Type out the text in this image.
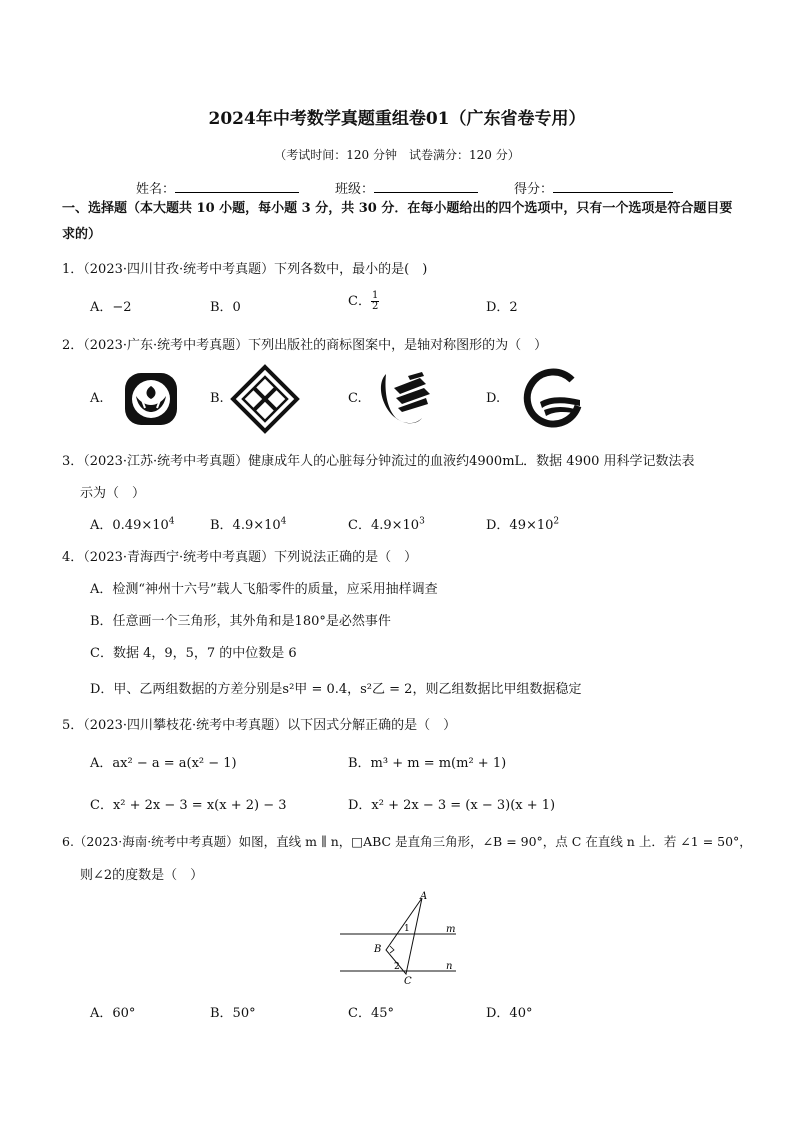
2024年中考数学真题重组卷01（广东省卷专用）
（考试时间：120 分钟　试卷满分：120 分）
姓名：	班级：	得分：
一、选择题（本大题共 10 小题，每小题 3 分，共 30 分．在每小题给出的四个选项中，只有一个选项是符合题目要求的）
1．（2023·四川甘孜·统考中考真题）下列各数中，最小的是(　)
A．−2	B．0	C． $\frac{1}{2}$	D．2
2．（2023·广东·统考中考真题）下列出版社的商标图案中，是轴对称图形的为（　）
A.	B.	C.	D.
3．（2023·江苏·统考中考真题）健康成年人的心脏每分钟流过的血液约4900mL．数据 4900 用科学记数法表
示为（　）
A．$0.49\times 10^4$	B．$4.9\times 10^4$	C．$4.9\times 10^3$	D．$49\times 10^2$
4．（2023·青海西宁·统考中考真题）下列说法正确的是（　）
A．检测“神州十六号”载人飞船零件的质量，应采用抽样调查
B．任意画一个三角形，其外角和是180°是必然事件
C．数据 4，9，5，7 的中位数是 6
D．甲、乙两组数据的方差分别是s²甲 = 0.4，s²乙 = 2，则乙组数据比甲组数据稳定
5．（2023·四川攀枝花·统考中考真题）以下因式分解正确的是（　）
A．ax² − a = a(x² − 1)	B．m³ + m = m(m² + 1)
C．x² + 2x − 3 = x(x + 2) − 3	D．x² + 2x − 3 = (x − 3)(x + 1)
6.（2023·海南·统考中考真题）如图，直线 m ∥ n，□ABC 是直角三角形，∠B = 90°，点 C 在直线 n 上．若 ∠1 = 50°，
则∠2的度数是（　）
A
B
C
m
n
1
2
A．60°	B．50°	C．45°	D．40°
